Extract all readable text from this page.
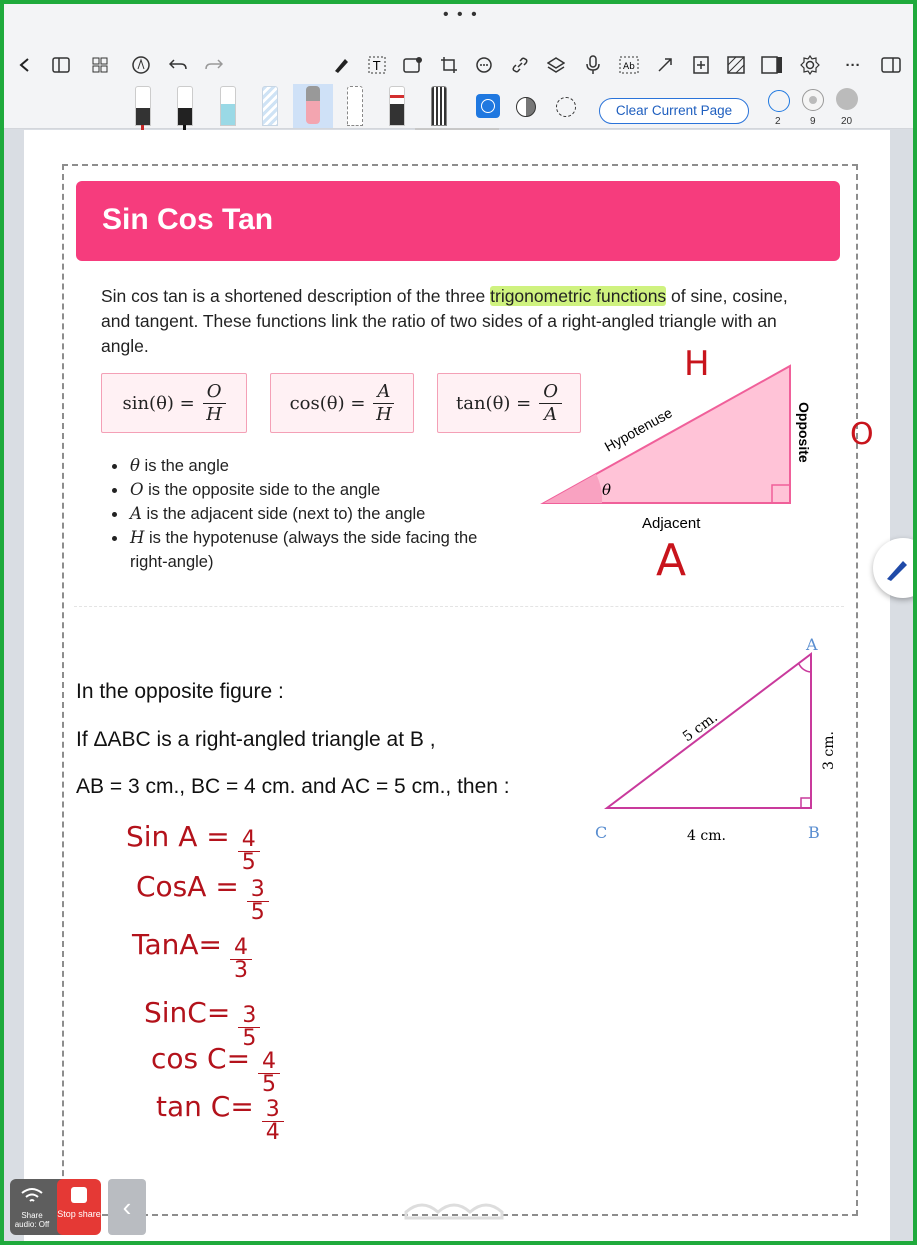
• • •
T	Ab	···
Clear Current Page
2	9	20
Sin Cos Tan
Sin cos tan is a shortened description of the three trigonometric functions of sine, cosine, and tangent. These functions link the ratio of two sides of a right-angled triangle with an angle.
$\sin(\theta) = \frac{O}{H}$	$\cos(\theta) = \frac{A}{H}$	$\tan(\theta) = \frac{O}{A}$
• θ is the angle
• O is the opposite side to the angle
• A is the adjacent side (next to) the angle
• H is the hypotenuse (always the side facing the right-angle)
θ
Hypotenuse	Opposite
Adjacent
H
O
A
In the opposite figure :
If ΔABC is a right-angled triangle at B ,
AB = 3 cm., BC = 4 cm. and AC = 5 cm., then :
A
B
C
5 cm.
4 cm.
3 cm.
Sin $A = \frac{4}{5}$
CosA = $\frac{3}{5}$
TanA= $\frac{4}{3}$
SinC= $\frac{3}{5}$
$\cos C= \frac{4}{5}$
$\tan C= \frac{3}{4}$
Share audio: Off
Stop share ‹
